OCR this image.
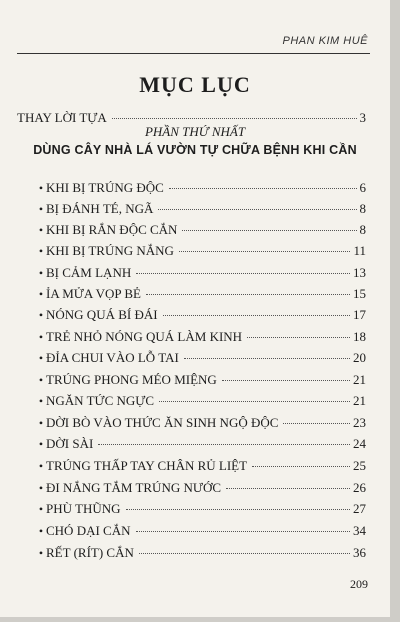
PHAN KIM HUÊ
MỤC LỤC
THAY LỜI TỰA	3
PHẦN THỨ NHẤT
DÙNG CÂY NHÀ LÁ VƯỜN TỰ CHỮA BỆNH KHI CẦN
• KHI BỊ TRÚNG ĐỘC	6
• BỊ ĐÁNH TÉ, NGÃ	8
• KHI BỊ RẮN ĐỘC CẮN	8
• KHI BỊ TRÚNG NẮNG	11
• BỊ CẢM LẠNH	13
• ỈA MỬA VỌP BẺ	15
• NÓNG QUÁ BÍ ĐÁI	17
• TRẺ NHỎ NÓNG QUÁ LÀM KINH	18
• ĐỈA CHUI VÀO LỖ TAI	20
• TRÚNG PHONG MÉO MIỆNG	21
• NGĂN TỨC NGỰC	21
• DỜI BÒ VÀO THỨC ĂN SINH NGỘ ĐỘC	23
• DỜI SÀI	24
• TRÚNG THẤP TAY CHÂN RỦ LIỆT	25
• ĐI NẮNG TẮM TRÚNG NƯỚC	26
• PHÙ THŨNG	27
• CHÓ DẠI CẮN	34
• RẾT (RÍT) CẮN	36
209
